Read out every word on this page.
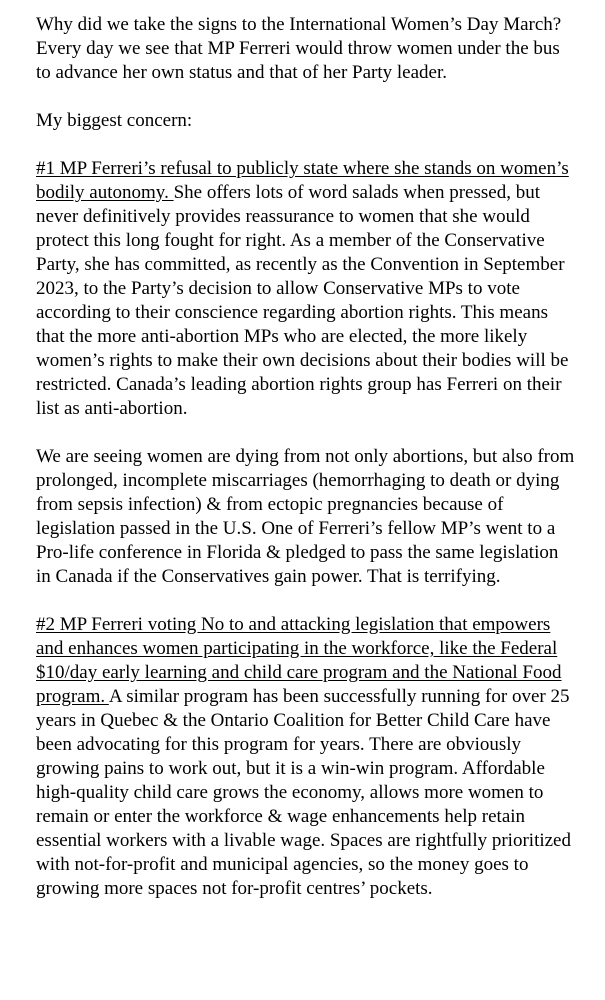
Why did we take the signs to the International Women’s Day March? Every day we see that MP Ferreri would throw women under the bus to advance her own status and that of her Party leader.

My biggest concern:

#1 MP Ferreri’s refusal to publicly state where she stands on women’s bodily autonomy. She offers lots of word salads when pressed, but never definitively provides reassurance to women that she would protect this long fought for right. As a member of the Conservative Party, she has committed, as recently as the Convention in September 2023, to the Party’s decision to allow Conservative MPs to vote according to their conscience regarding abortion rights. This means that the more anti-abortion MPs who are elected, the more likely women’s rights to make their own decisions about their bodies will be restricted. Canada’s leading abortion rights group has Ferreri on their list as anti-abortion.

We are seeing women are dying from not only abortions, but also from prolonged, incomplete miscarriages (hemorrhaging to death or dying from sepsis infection) & from ectopic pregnancies because of legislation passed in the U.S. One of Ferreri’s fellow MP’s went to a Pro-life conference in Florida & pledged to pass the same legislation in Canada if the Conservatives gain power. That is terrifying.

#2 MP Ferreri voting No to and attacking legislation that empowers and enhances women participating in the workforce, like the Federal $10/day early learning and child care program and the National Food program. A similar program has been successfully running for over 25 years in Quebec & the Ontario Coalition for Better Child Care have been advocating for this program for years. There are obviously growing pains to work out, but it is a win-win program. Affordable high-quality child care grows the economy, allows more women to remain or enter the workforce & wage enhancements help retain essential workers with a livable wage. Spaces are rightfully prioritized with not-for-profit and municipal agencies, so the money goes to growing more spaces not for-profit centres’ pockets.
